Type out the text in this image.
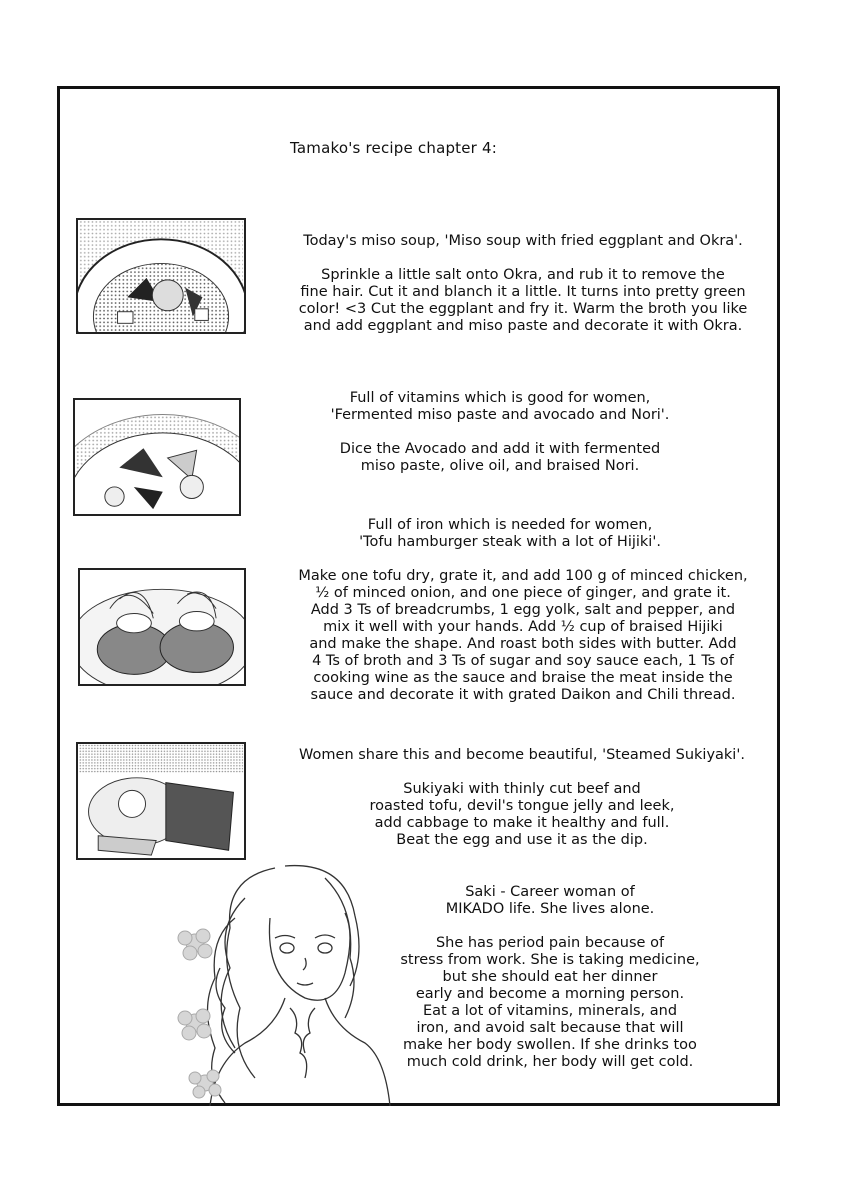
Tamako's recipe chapter 4:

Today's miso soup, 'Miso soup with fried eggplant and Okra'.

Sprinkle a little salt onto Okra, and rub it to remove the

fine hair. Cut it and blanch it a little. It turns into pretty green

color! <3 Cut the eggplant and fry it. Warm the broth you like

and add eggplant and miso paste and decorate it with Okra.

Full of vitamins which is good for women,

'Fermented miso paste and avocado and Nori'.

Dice the Avocado and add it with fermented

miso paste, olive oil, and braised Nori.

Full of iron which is needed for women,

'Tofu hamburger steak with a lot of Hijiki'.

Make one tofu dry, grate it, and add 100 g of minced chicken,

½ of minced onion, and one piece of ginger, and grate it.

Add 3 Ts of breadcrumbs, 1 egg yolk, salt and pepper, and

mix it well with your hands. Add ½ cup of braised Hijiki

and make the shape. And roast both sides with butter. Add

4 Ts of broth and 3 Ts of sugar and soy sauce each, 1 Ts of

cooking wine as the sauce and braise the meat inside the

sauce and decorate it with grated Daikon and Chili thread.

Women share this and become beautiful, 'Steamed Sukiyaki'.

Sukiyaki with thinly cut beef and

roasted tofu, devil's tongue jelly and leek,

add cabbage to make it healthy and full.

Beat the egg and use it as the dip.

Saki - Career woman of

MIKADO life. She lives alone.

She has period pain because of

stress from work. She is taking medicine,

but she should eat her dinner

early and become a morning person.

Eat a lot of vitamins, minerals, and

iron, and avoid salt because that will

make her body swollen. If she drinks too

much cold drink, her body will get cold.
